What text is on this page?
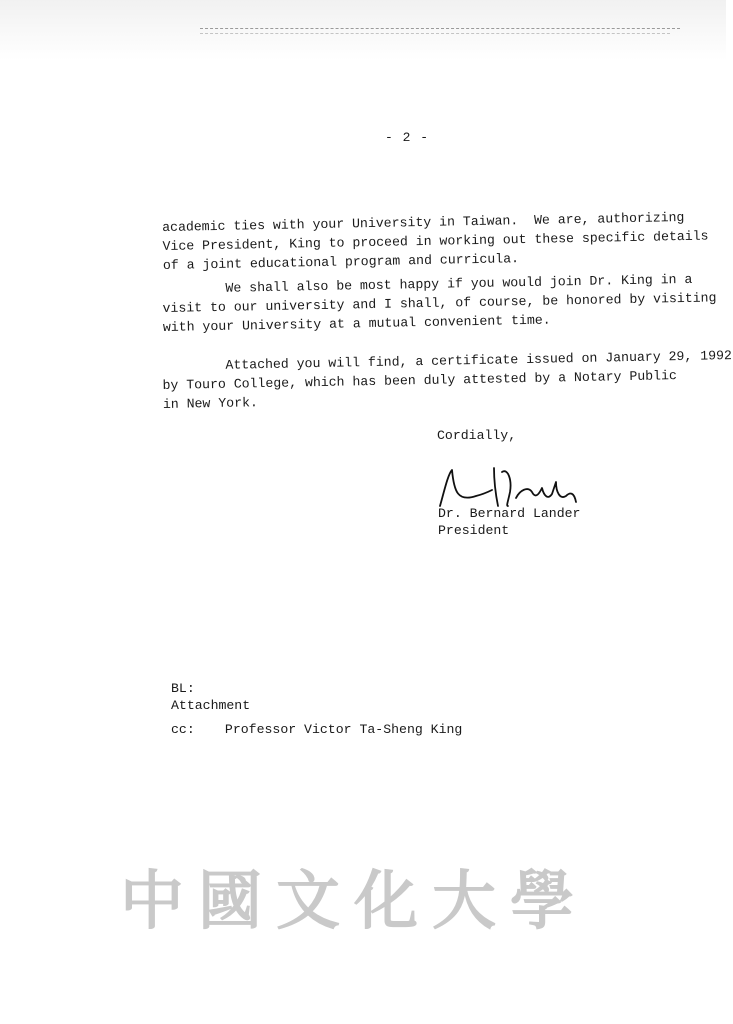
- 2 -
academic ties with your University in Taiwan.  We are, authorizing
Vice President, King to proceed in working out these specific details
of a joint educational program and curricula.
We shall also be most happy if you would join Dr. King in a
visit to our university and I shall, of course, be honored by visiting
with your University at a mutual convenient time.
Attached you will find, a certificate issued on January 29, 1992
by Touro College, which has been duly attested by a Notary Public
in New York.
Cordially,
Dr. Bernard Lander
President
BL:
Attachment
cc: Professor Victor Ta-Sheng King
中國文化大學
